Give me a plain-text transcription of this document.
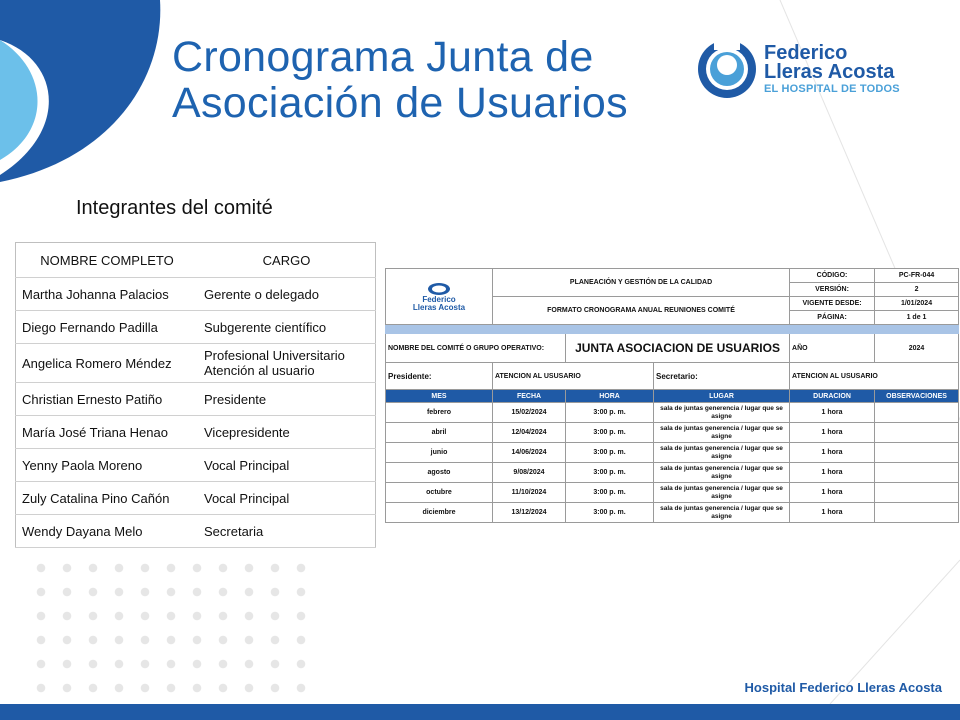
Cronograma Junta de Asociación de Usuarios
Federico
Lleras Acosta
EL HOSPITAL DE TODOS
Integrantes del comité
NOMBRE COMPLETO	CARGO
Martha Johanna Palacios	Gerente o delegado
Diego Fernando Padilla	Subgerente científico
Angelica Romero Méndez	Profesional Universitario Atención al usuario
Christian Ernesto Patiño	Presidente
María José Triana Henao	Vicepresidente
Yenny Paola Moreno	Vocal Principal
Zuly Catalina Pino Cañón	Vocal Principal
Wendy Dayana Melo	Secretaria
Federico
Lleras Acosta	PLANEACIÓN Y GESTIÓN DE LA CALIDAD			CÓDIGO:	PC-FR-044
				VERSIÓN:	2
	FORMATO CRONOGRAMA ANUAL REUNIONES COMITÉ			VIGENTE DESDE:	1/01/2024
				PÁGINA:	1 de 1

NOMBRE DEL COMITÉ O GRUPO OPERATIVO:		JUNTA ASOCIACION DE USUARIOS		AÑO	2024
Presidente:	ATENCION AL USUSARIO		Secretario:	ATENCION AL USUSARIO	
MES	FECHA	HORA	LUGAR	DURACION	OBSERVACIONES
febrero	15/02/2024	3:00 p. m.	sala de juntas generencia / lugar que se asigne	1 hora	
abril	12/04/2024	3:00 p. m.	sala de juntas generencia / lugar que se asigne	1 hora	
junio	14/06/2024	3:00 p. m.	sala de juntas generencia / lugar que se asigne	1 hora	
agosto	9/08/2024	3:00 p. m.	sala de juntas generencia / lugar que se asigne	1 hora	
octubre	11/10/2024	3:00 p. m.	sala de juntas generencia / lugar que se asigne	1 hora	
diciembre	13/12/2024	3:00 p. m.	sala de juntas generencia / lugar que se asigne	1 hora	
Hospital Federico Lleras Acosta
